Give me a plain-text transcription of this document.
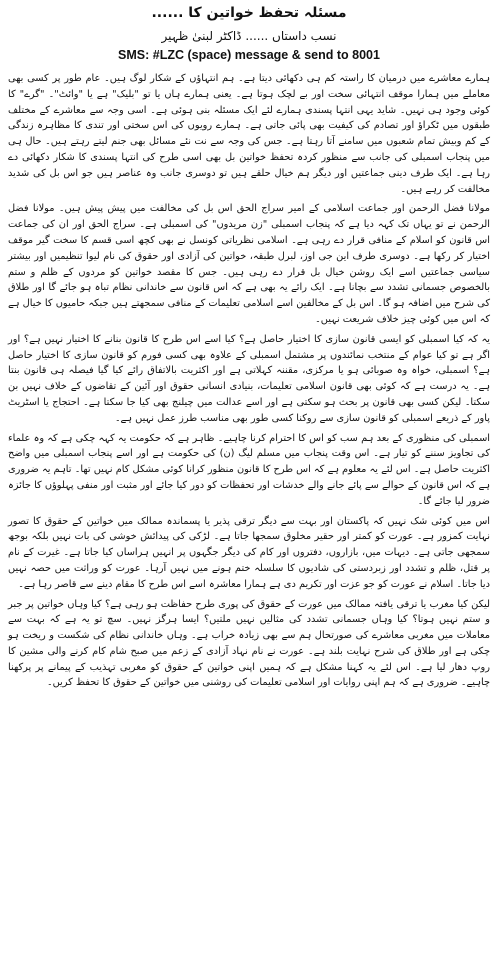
مسئلہ تحفظ خواتین کا ......
نسب داستاں ...... ڈاکٹر لبنیٰ ظہیر
SMS: #LZC (space) message & send to 8001

ہمارے معاشرے میں درمیان کا راستہ کم ہی دکھائی دیتا ہے۔ ہم انتہاؤں کے شکار لوگ ہیں۔ عام طور پر کسی بھی معاملے میں ہمارا موقف انتہائی سخت اور بے لچک ہوتا ہے۔ یعنی ہمارے ہاں یا تو "بلیک" ہے یا "وائٹ"۔ "گرے" کا کوئی وجود ہی نہیں۔ شاید یہی انتہا پسندی ہمارے لئے ایک مسئلہ بنی ہوئی ہے۔ اسی وجہ سے معاشرے کے مختلف طبقوں میں ٹکراؤ اور تصادم کی کیفیت بھی پائی جاتی ہے۔ ہمارے رویوں کی اس سختی اور تندی کا مظاہرہ زندگی کے کم وبیش تمام شعبوں میں سامنے آتا رہتا ہے۔ جس کی وجہ سے نت نئے مسائل بھی جنم لیتے رہتے ہیں۔ حال ہی میں پنجاب اسمبلی کی جانب سے منظور کردہ تحفظ خواتین بل بھی اسی طرح کی انتہا پسندی کا شکار دکھائی دے رہا ہے۔ ایک طرف دینی جماعتیں اور دیگر ہم خیال حلقے ہیں تو دوسری جانب وہ عناصر ہیں جو اس بل کی شدید مخالفت کر رہے ہیں۔

مولانا فضل الرحمن اور جماعت اسلامی کے امیر سراج الحق اس بل کی مخالفت میں پیش پیش ہیں۔ مولانا فضل الرحمن نے تو یہاں تک کہہ دیا ہے کہ پنجاب اسمبلی "زن مریدوں" کی اسمبلی ہے۔ سراج الحق اور ان کی جماعت اس قانون کو اسلام کے منافی قرار دے رہی ہے۔ اسلامی نظریاتی کونسل نے بھی کچھ اسی قسم کا سخت گیر موقف اختیار کر رکھا ہے۔ دوسری طرف این جی اوز، لبرل طبقہ، خواتین کی آزادی اور حقوق کی نام لیوا تنظیمیں اور بیشتر سیاسی جماعتیں اسے ایک روشن خیال بل قرار دے رہی ہیں۔ جس کا مقصد خواتین کو مردوں کے ظلم و ستم بالخصوص جسمانی تشدد سے بچانا ہے۔ ایک رائے یہ بھی ہے کہ اس قانون سے خاندانی نظام تباہ ہو جائے گا اور طلاق کی شرح میں اضافہ ہو گا۔ اس بل کے مخالفین اسے اسلامی تعلیمات کے منافی سمجھتے ہیں جبکہ حامیوں کا خیال ہے کہ اس میں کوئی چیز خلاف شریعت نہیں۔

یہ کہ کیا اسمبلی کو ایسی قانون سازی کا اختیار حاصل ہے؟ کیا اسے اس طرح کا قانون بنانے کا اختیار نہیں ہے؟ اور اگر ہے تو کیا عوام کے منتخب نمائندوں پر مشتمل اسمبلی کے علاوہ بھی کسی فورم کو قانون سازی کا اختیار حاصل ہے؟ اسمبلی، خواہ وہ صوبائی ہو یا مرکزی، مقننہ کہلاتی ہے اور اکثریت بالاتفاق رائے کیا گیا فیصلہ ہی قانون بنتا ہے۔ یہ درست ہے کہ کوئی بھی قانون اسلامی تعلیمات، بنیادی انسانی حقوق اور آئین کے تقاضوں کے خلاف نہیں بن سکتا۔ لیکن کسی بھی قانون پر بحث ہو سکتی ہے اور اسے عدالت میں چیلنج بھی کیا جا سکتا ہے۔ احتجاج یا اسٹریٹ پاور کے ذریعے اسمبلی کو قانون سازی سے روکنا کسی طور بھی مناسب طرز عمل نہیں ہے۔

اسمبلی کی منظوری کے بعد ہم سب کو اس کا احترام کرنا چاہیے۔ ظاہر ہے کہ حکومت یہ کہہ چکی ہے کہ وہ علماء کی تجاویز سننے کو تیار ہے۔ اس وقت پنجاب میں مسلم لیگ (ن) کی حکومت ہے اور اسے پنجاب اسمبلی میں واضح اکثریت حاصل ہے۔ اس لئے یہ معلوم ہے کہ اس طرح کا قانون منظور کرانا کوئی مشکل کام نہیں تھا۔ تاہم یہ ضروری ہے کہ اس قانون کے حوالے سے پائے جانے والے خدشات اور تحفظات کو دور کیا جائے اور مثبت اور منفی پہلوؤں کا جائزہ ضرور لیا جائے گا۔

اس میں کوئی شک نہیں کہ پاکستان اور بہت سے دیگر ترقی پذیر یا پسماندہ ممالک میں خواتین کے حقوق کا تصور نہایت کمزور ہے۔ عورت کو کمتر اور حقیر مخلوق سمجھا جاتا ہے۔ لڑکی کی پیدائش خوشی کی بات نہیں بلکہ بوجھ سمجھی جاتی ہے۔ دیہات میں، بازاروں، دفتروں اور کام کی دیگر جگہوں پر انہیں ہراساں کیا جاتا ہے۔ غیرت کے نام پر قتل، ظلم و تشدد اور زبردستی کی شادیوں کا سلسلہ ختم ہونے میں نہیں آرہا۔ عورت کو وراثت میں حصہ نہیں دیا جاتا۔ اسلام نے عورت کو جو عزت اور تکریم دی ہے ہمارا معاشرہ اسے اس طرح کا مقام دینے سے قاصر رہا ہے۔

لیکن کیا مغرب یا ترقی یافتہ ممالک میں عورت کے حقوق کی پوری طرح حفاظت ہو رہی ہے؟ کیا وہاں خواتین پر جبر و ستم نہیں ہوتا؟ کیا وہاں جسمانی تشدد کی مثالیں نہیں ملتیں؟ ایسا ہرگز نہیں۔ سچ تو یہ ہے کہ بہت سے معاملات میں مغربی معاشرے کی صورتحال ہم سے بھی زیادہ خراب ہے۔ وہاں خاندانی نظام کی شکست و ریخت ہو چکی ہے اور طلاق کی شرح نہایت بلند ہے۔ عورت نے نام نہاد آزادی کے زعم میں صبح شام کام کرنے والی مشین کا روپ دھار لیا ہے۔ اس لئے یہ کہنا مشکل ہے کہ ہمیں اپنی خواتین کے حقوق کو مغربی تہذیب کے پیمانے پر پرکھنا چاہیے۔ ضروری ہے کہ ہم اپنی روایات اور اسلامی تعلیمات کی روشنی میں خواتین کے حقوق کا تحفظ کریں۔
